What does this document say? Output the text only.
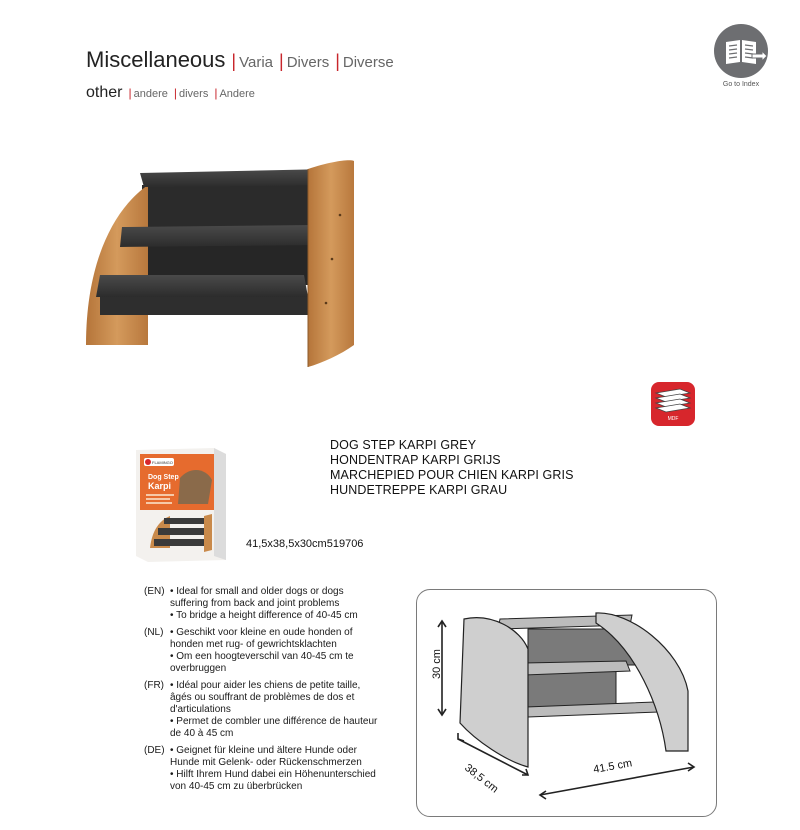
Miscellaneous | Varia | Divers | Diverse
other | andere | divers | Andere
Go to Index
MDF
FLAMINGO
Dog Step
Karpi
DOG STEP KARPI GREY
HONDENTRAP KARPI GRIJS
MARCHEPIED POUR CHIEN KARPI GRIS
HUNDETREPPE KARPI GRAU
41,5x38,5x30cm519706
(EN) • Ideal for small and older dogs or dogs
suffering from back and joint problems
• To bridge a height difference of 40-45 cm
(NL) • Geschikt voor kleine en oude honden of
honden met rug- of gewrichtsklachten
• Om een hoogteverschil van 40-45 cm te
overbruggen
(FR) • Idéal pour aider les chiens de petite taille,
âgés ou souffrant de problèmes de dos et
d'articulations
• Permet de combler une différence de hauteur
de 40 à 45 cm
(DE) • Geignet für kleine und ältere Hunde oder
Hunde mit Gelenk- oder Rückenschmerzen
• Hilft Ihrem Hund dabei ein Höhenunterschied
von 40-45 cm zu überbrücken
30 cm
38,5 cm	41.5 cm
